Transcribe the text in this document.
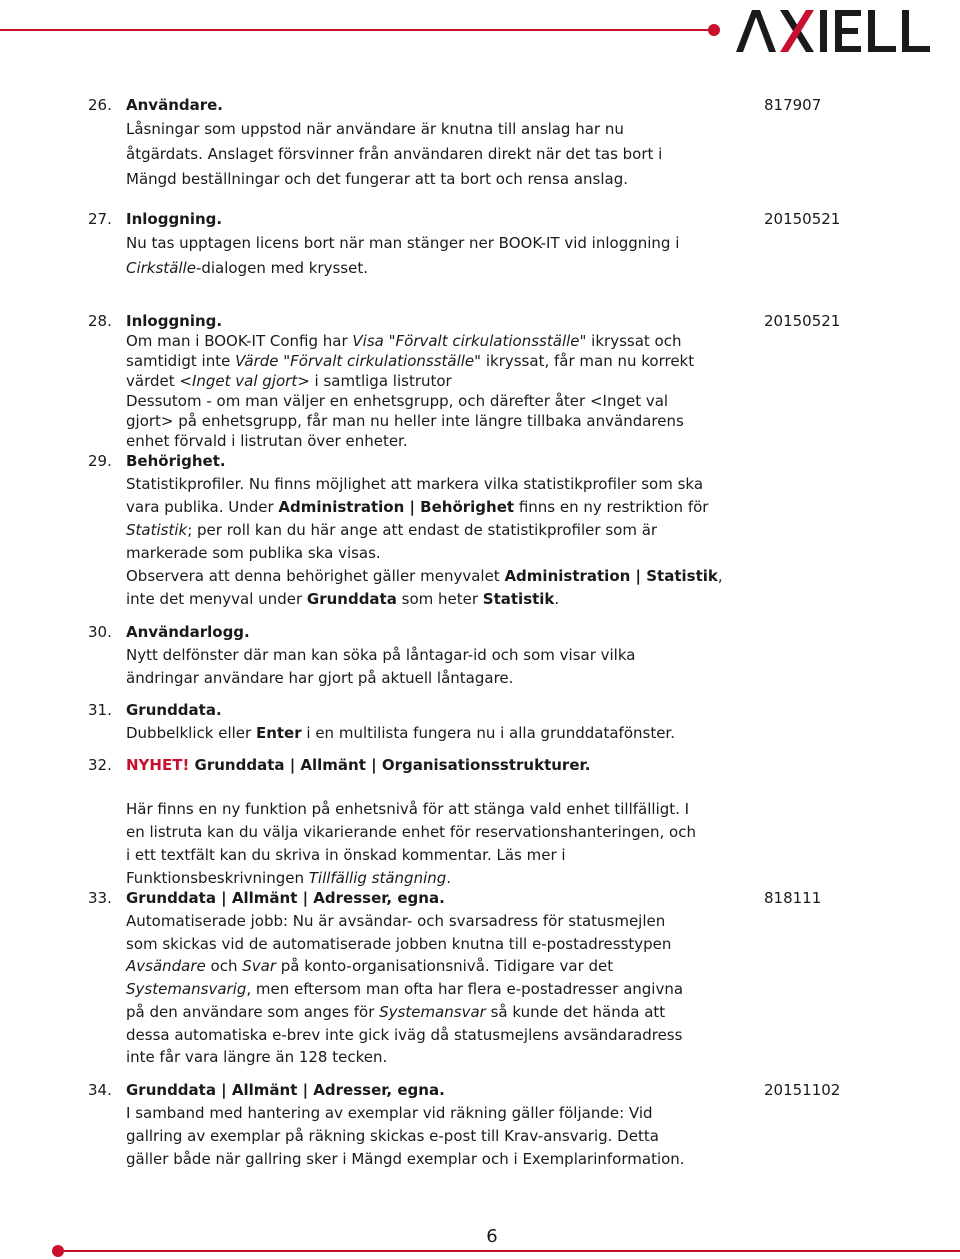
26. Användare.
Låsningar som uppstod när användare är knutna till anslag har nu
åtgärdats. Anslaget försvinner från användaren direkt när det tas bort i
Mängd beställningar och det fungerar att ta bort och rensa anslag.
817907
27. Inloggning.
Nu tas upptagen licens bort när man stänger ner BOOK-IT vid inloggning i
Cirkställe-dialogen med krysset.
20150521
28. Inloggning.
Om man i BOOK-IT Config har Visa "Förvalt cirkulationsställe" ikryssat och
samtidigt inte Värde "Förvalt cirkulationsställe" ikryssat, får man nu korrekt
värdet <Inget val gjort> i samtliga listrutor
Dessutom - om man väljer en enhetsgrupp, och därefter åter <Inget val
gjort> på enhetsgrupp, får man nu heller inte längre tillbaka användarens
enhet förvald i listrutan över enheter.
20150521
29. Behörighet.
Statistikprofiler. Nu finns möjlighet att markera vilka statistikprofiler som ska
vara publika. Under Administration | Behörighet finns en ny restriktion för
Statistik; per roll kan du här ange att endast de statistikprofiler som är
markerade som publika ska visas.
Observera att denna behörighet gäller menyvalet Administration | Statistik,
inte det menyval under Grunddata som heter Statistik.
30. Användarlogg.
Nytt delfönster där man kan söka på låntagar-id och som visar vilka
ändringar användare har gjort på aktuell låntagare.
31. Grunddata.
Dubbelklick eller Enter i en multilista fungera nu i alla grunddatafönster.
32. NYHET! Grunddata | Allmänt | Organisationsstrukturer.
Här finns en ny funktion på enhetsnivå för att stänga vald enhet tillfälligt. I
en listruta kan du välja vikarierande enhet för reservationshanteringen, och
i ett textfält kan du skriva in önskad kommentar. Läs mer i
Funktionsbeskrivningen Tillfällig stängning.
33. Grunddata | Allmänt | Adresser, egna.
Automatiserade jobb: Nu är avsändar- och svarsadress för statusmejlen
som skickas vid de automatiserade jobben knutna till e-postadresstypen
Avsändare och Svar på konto-organisationsnivå. Tidigare var det
Systemansvarig, men eftersom man ofta har flera e-postadresser angivna
på den användare som anges för Systemansvar så kunde det hända att
dessa automatiska e-brev inte gick iväg då statusmejlens avsändaradress
inte får vara längre än 128 tecken.
818111
34. Grunddata | Allmänt | Adresser, egna.
I samband med hantering av exemplar vid räkning gäller följande: Vid
gallring av exemplar på räkning skickas e-post till Krav-ansvarig. Detta
gäller både när gallring sker i Mängd exemplar och i Exemplarinformation.
20151102
6
